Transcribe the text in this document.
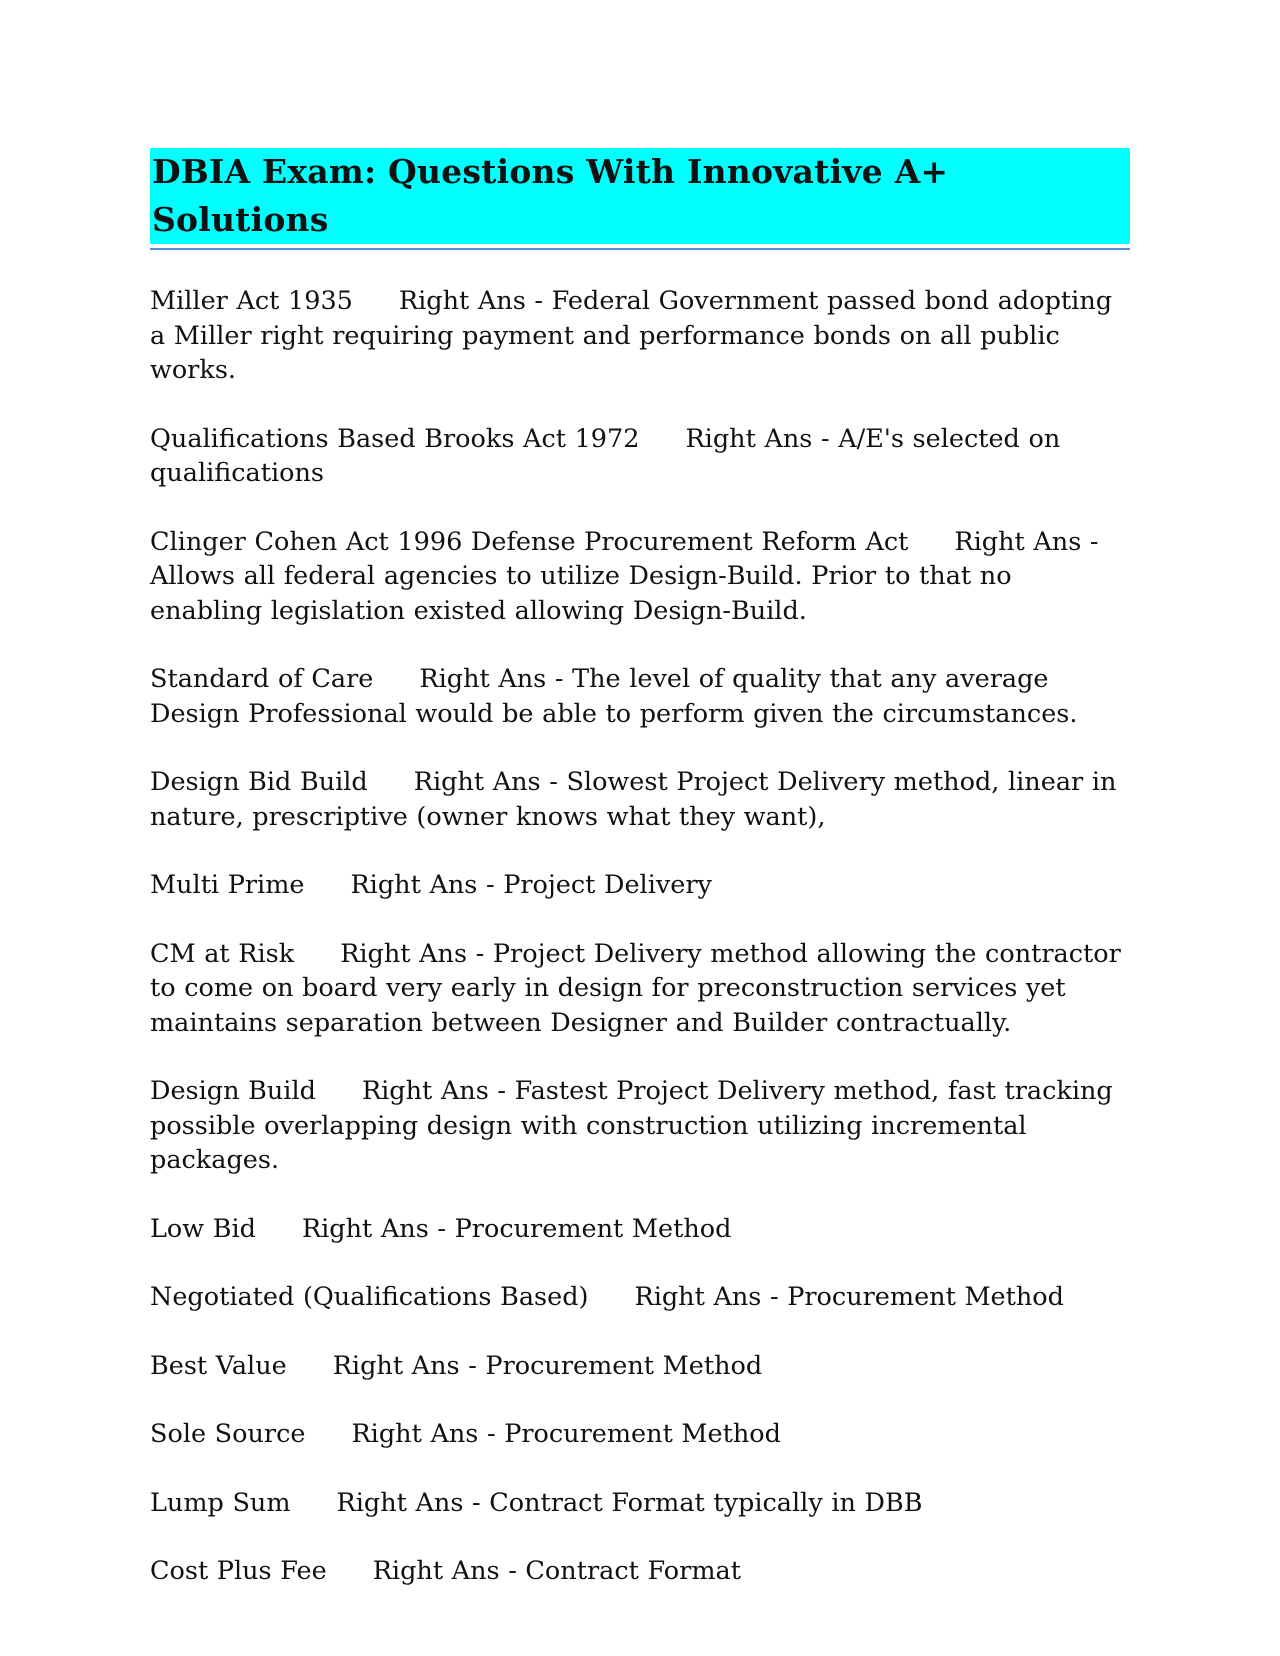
DBIA Exam: Questions With Innovative A+ Solutions

Miller Act 1935 Right Ans - Federal Government passed bond adopting a Miller right requiring payment and performance bonds on all public works.

Qualifications Based Brooks Act 1972 Right Ans - A/E's selected on qualifications

Clinger Cohen Act 1996 Defense Procurement Reform Act Right Ans - Allows all federal agencies to utilize Design-Build. Prior to that no enabling legislation existed allowing Design-Build.

Standard of Care Right Ans - The level of quality that any average Design Professional would be able to perform given the circumstances.

Design Bid Build Right Ans - Slowest Project Delivery method, linear in nature, prescriptive (owner knows what they want),

Multi Prime Right Ans - Project Delivery

CM at Risk Right Ans - Project Delivery method allowing the contractor to come on board very early in design for preconstruction services yet maintains separation between Designer and Builder contractually.

Design Build Right Ans - Fastest Project Delivery method, fast tracking possible overlapping design with construction utilizing incremental packages.

Low Bid Right Ans - Procurement Method

Negotiated (Qualifications Based) Right Ans - Procurement Method

Best Value Right Ans - Procurement Method

Sole Source Right Ans - Procurement Method

Lump Sum Right Ans - Contract Format typically in DBB

Cost Plus Fee Right Ans - Contract Format
